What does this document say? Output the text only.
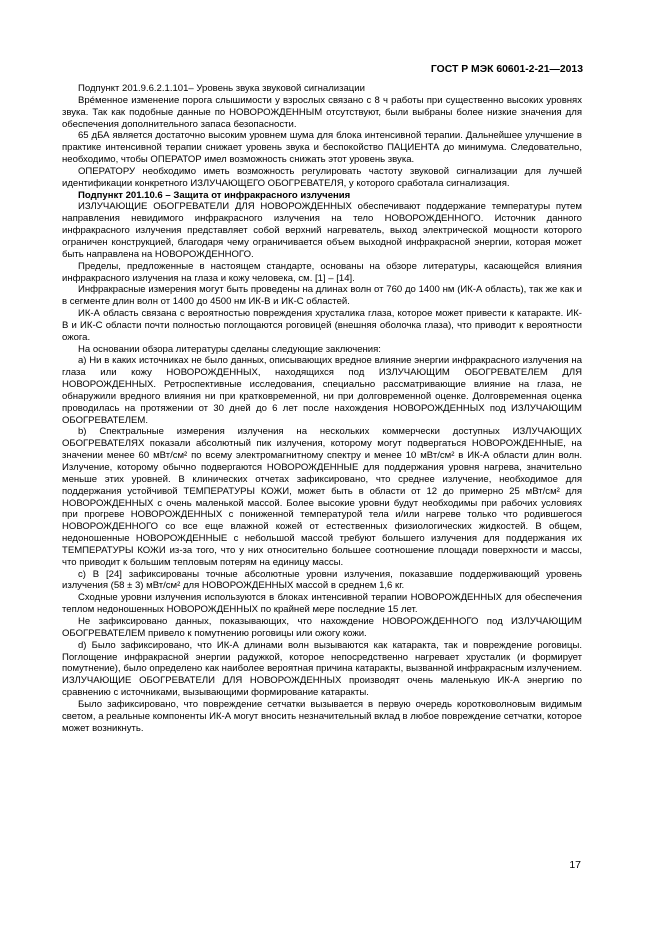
ГОСТ Р МЭК 60601-2-21—2013

Подпункт 201.9.6.2.1.101– Уровень звука звуковой сигнализации

Врéменное изменение порога слышимости у взрослых связано с 8 ч работы при существенно высоких уровнях звука. Так как подобные данные по НОВОРОЖДЕННЫМ отсутствуют, были выбраны более низкие значения для обеспечения дополнительного запаса безопасности.

65 дБА является достаточно высоким уровнем шума для блока интенсивной терапии. Дальнейшее улучшение в практике интенсивной терапии снижает уровень звука и беспокойство ПАЦИЕНТА до минимума. Следовательно, необходимо, чтобы ОПЕРАТОР имел возможность снижать этот уровень звука.

ОПЕРАТОРУ необходимо иметь возможность регулировать частоту звуковой сигнализации для лучшей идентификации конкретного ИЗЛУЧАЮЩЕГО ОБОГРЕВАТЕЛЯ, у которого сработала сигнализация.

Подпункт 201.10.6 – Защита от инфракрасного излучения

ИЗЛУЧАЮЩИЕ ОБОГРЕВАТЕЛИ ДЛЯ НОВОРОЖДЕННЫХ обеспечивают поддержание температуры путем направления невидимого инфракрасного излучения на тело НОВОРОЖДЕННОГО. Источник данного инфракрасного излучения представляет собой верхний нагреватель, выход электрической мощности которого ограничен конструкцией, благодаря чему ограничивается объем выходной инфракрасной энергии, которая может быть направлена на НОВОРОЖДЕННОГО.

Пределы, предложенные в настоящем стандарте, основаны на обзоре литературы, касающейся влияния инфракрасного излучения на глаза и кожу человека, см. [1] – [14].

Инфракрасные измерения могут быть проведены на длинах волн от 760 до 1400 нм (ИК-А область), так же как и в сегменте длин волн от 1400 до 4500 нм ИК-В и ИК-С областей.

ИК-А область связана с вероятностью повреждения хрусталика глаза, которое может привести к катаракте. ИК-В и ИК-С области почти полностью поглощаются роговицей (внешняя оболочка глаза), что приводит к вероятности ожога.

На основании обзора литературы сделаны следующие заключения:

a) Ни в каких источниках не было данных, описывающих вредное влияние энергии инфракрасного излучения на глаза или кожу НОВОРОЖДЕННЫХ, находящихся под ИЗЛУЧАЮЩИМ ОБОГРЕВАТЕЛЕМ ДЛЯ НОВОРОЖДЕННЫХ. Ретроспективные исследования, специально рассматривающие влияние на глаза, не обнаружили вредного влияния ни при кратковременной, ни при долговременной оценке. Долговременная оценка проводилась на протяжении от 30 дней до 6 лет после нахождения НОВОРОЖДЕННЫХ под ИЗЛУЧАЮЩИМ ОБОГРЕВАТЕЛЕМ.

b) Спектральные измерения излучения на нескольких коммерчески доступных ИЗЛУЧАЮЩИХ ОБОГРЕВАТЕЛЯХ показали абсолютный пик излучения, которому могут подвергаться НОВОРОЖДЕННЫЕ, на значении менее 60 мВт/см² по всему электромагнитному спектру и менее 10 мВт/см² в ИК-А области длин волн. Излучение, которому обычно подвергаются НОВОРОЖДЕННЫЕ для поддержания уровня нагрева, значительно меньше этих уровней. В клинических отчетах зафиксировано, что среднее излучение, необходимое для поддержания устойчивой ТЕМПЕРАТУРЫ КОЖИ, может быть в области от 12 до примерно 25 мВт/см² для НОВОРОЖДЕННЫХ с очень маленькой массой. Более высокие уровни будут необходимы при рабочих условиях при прогреве НОВОРОЖДЕННЫХ с пониженной температурой тела и/или нагреве только что родившегося НОВОРОЖДЕННОГО со все еще влажной кожей от естественных физиологических жидкостей. В общем, недоношенные НОВОРОЖДЕННЫЕ с небольшой массой требуют большего излучения для поддержания их ТЕМПЕРАТУРЫ КОЖИ из-за того, что у них относительно большее соотношение площади поверхности и массы, что приводит к большим тепловым потерям на единицу массы.

c) В [24] зафиксированы точные абсолютные уровни излучения, показавшие поддерживающий уровень излучения (58 ± 3) мВт/см² для НОВОРОЖДЕННЫХ массой в среднем 1,6 кг.

Сходные уровни излучения используются в блоках интенсивной терапии НОВОРОЖДЕННЫХ для обеспечения теплом недоношенных НОВОРОЖДЕННЫХ по крайней мере последние 15 лет.

Не зафиксировано данных, показывающих, что нахождение НОВОРОЖДЕННОГО под ИЗЛУЧАЮЩИМ ОБОГРЕВАТЕЛЕМ привело к помутнению роговицы или ожогу кожи.

d) Было зафиксировано, что ИК-А длинами волн вызываются как катаракта, так и повреждение роговицы. Поглощение инфракрасной энергии радужкой, которое непосредственно нагревает хрусталик (и формирует помутнение), было определено как наиболее вероятная причина катаракты, вызванной инфракрасным излучением. ИЗЛУЧАЮЩИЕ ОБОГРЕВАТЕЛИ ДЛЯ НОВОРОЖДЕННЫХ производят очень маленькую ИК-А энергию по сравнению с источниками, вызывающими формирование катаракты.

Было зафиксировано, что повреждение сетчатки вызывается в первую очередь коротковолновым видимым светом, а реальные компоненты ИК-А могут вносить незначительный вклад в любое повреждение сетчатки, которое может возникнуть.

17
